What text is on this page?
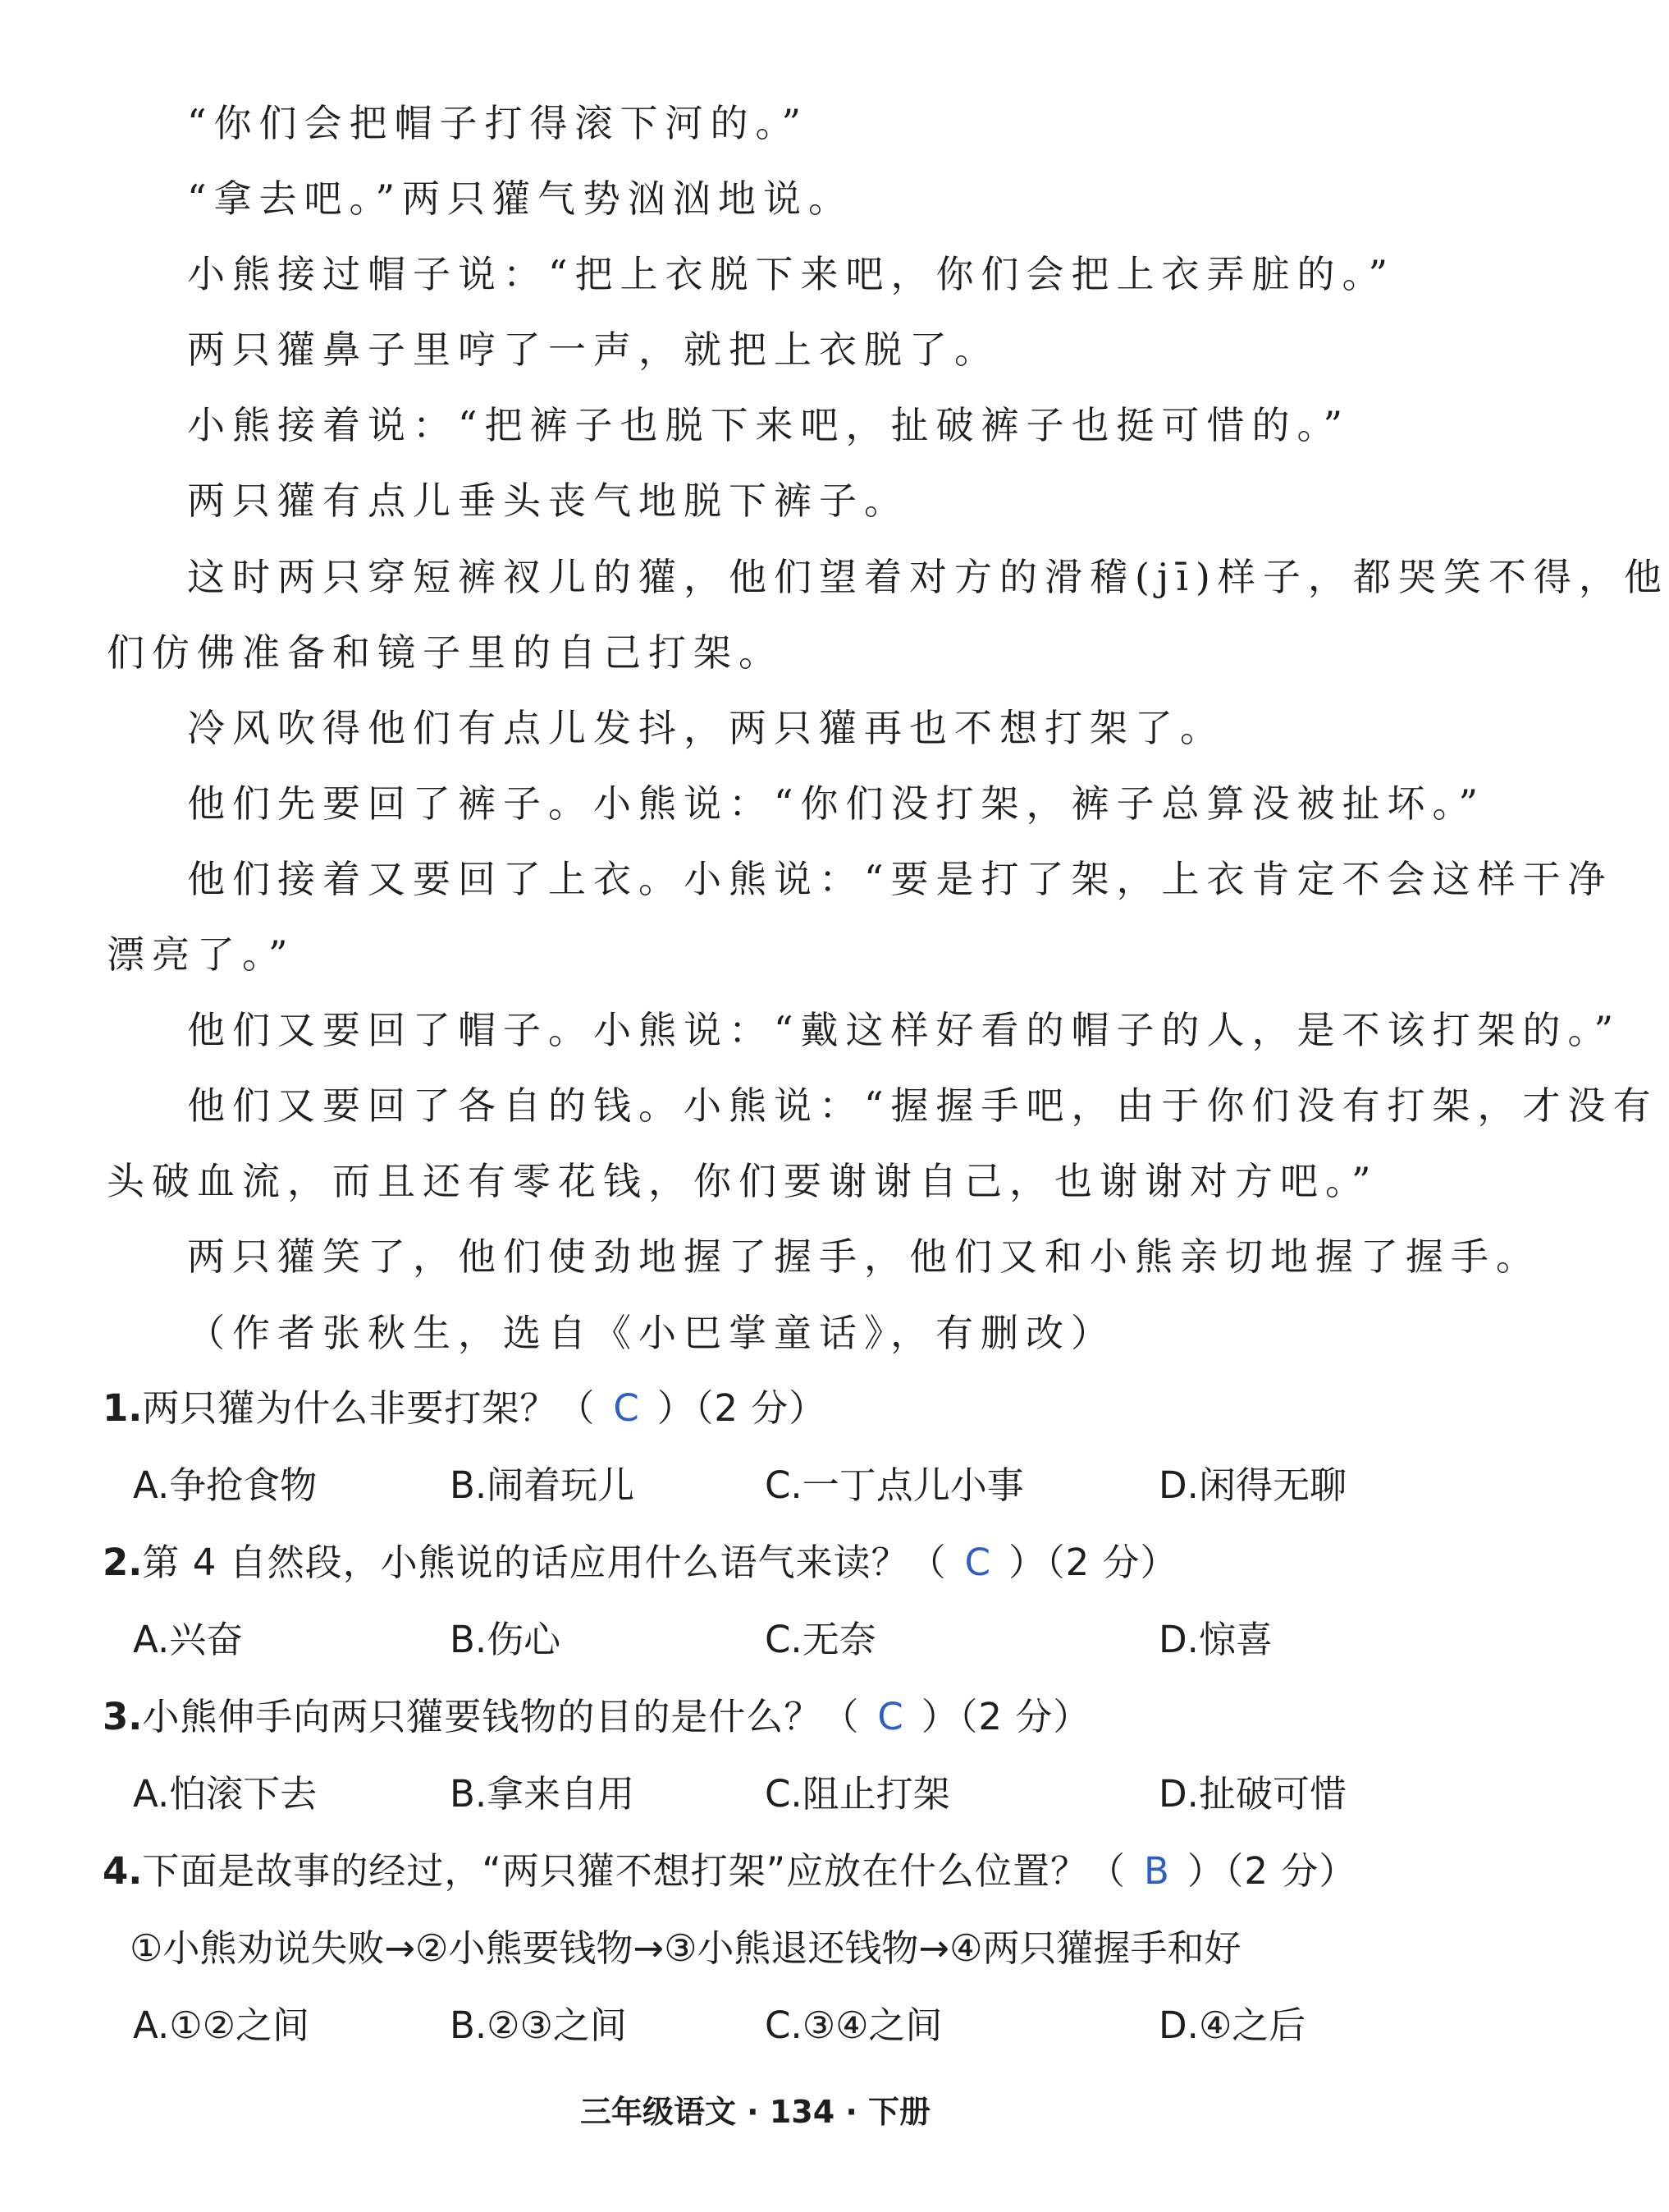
“你们会把帽子打得滚下河的。”
“拿去吧。”两只獾气势汹汹地说。
小熊接过帽子说：“把上衣脱下来吧，你们会把上衣弄脏的。”
两只獾鼻子里哼了一声，就把上衣脱了。
小熊接着说：“把裤子也脱下来吧，扯破裤子也挺可惜的。”
两只獾有点儿垂头丧气地脱下裤子。
这时两只穿短裤衩儿的獾，他们望着对方的滑稽(jī)样子，都哭笑不得，他
们仿佛准备和镜子里的自己打架。
冷风吹得他们有点儿发抖，两只獾再也不想打架了。
他们先要回了裤子。小熊说：“你们没打架，裤子总算没被扯坏。”
他们接着又要回了上衣。小熊说：“要是打了架，上衣肯定不会这样干净
漂亮了。”
他们又要回了帽子。小熊说：“戴这样好看的帽子的人，是不该打架的。”
他们又要回了各自的钱。小熊说：“握握手吧，由于你们没有打架，才没有
头破血流，而且还有零花钱，你们要谢谢自己，也谢谢对方吧。”
两只獾笑了，他们使劲地握了握手，他们又和小熊亲切地握了握手。
（作者张秋生，选自《小巴掌童话》，有删改）
1.两只獾为什么非要打架？（ C ）（2 分）
A.争抢食物	B.闹着玩儿	C.一丁点儿小事	D.闲得无聊
2.第 4 自然段，小熊说的话应用什么语气来读？（ C ）（2 分）
A.兴奋	B.伤心	C.无奈	D.惊喜
3.小熊伸手向两只獾要钱物的目的是什么？（ C ）（2 分）
A.怕滚下去	B.拿来自用	C.阻止打架	D.扯破可惜
4.下面是故事的经过，“两只獾不想打架”应放在什么位置？（ B ）（2 分）
①小熊劝说失败→②小熊要钱物→③小熊退还钱物→④两只獾握手和好
A.①②之间	B.②③之间	C.③④之间	D.④之后
三年级语文 · 134 · 下册
